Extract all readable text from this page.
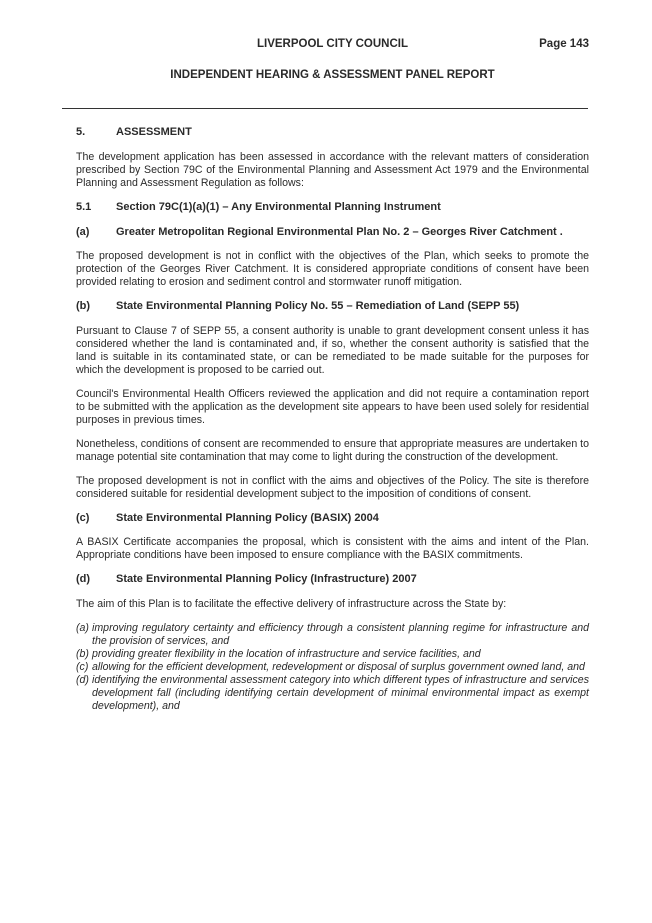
LIVERPOOL CITY COUNCIL	Page 143
INDEPENDENT HEARING & ASSESSMENT PANEL REPORT
5.	ASSESSMENT

The development application has been assessed in accordance with the relevant matters of consideration prescribed by Section 79C of the Environmental Planning and Assessment Act 1979 and the Environmental Planning and Assessment Regulation as follows:

5.1	Section 79C(1)(a)(1) – Any Environmental Planning Instrument
(a)	Greater Metropolitan Regional Environmental Plan No. 2 – Georges River Catchment .

The proposed development is not in conflict with the objectives of the Plan, which seeks to promote the protection of the Georges River Catchment. It is considered appropriate conditions of consent have been provided relating to erosion and sediment control and stormwater runoff mitigation.

(b)	State Environmental Planning Policy No. 55 – Remediation of Land (SEPP 55)

Pursuant to Clause 7 of SEPP 55, a consent authority is unable to grant development consent unless it has considered whether the land is contaminated and, if so, whether the consent authority is satisfied that the land is suitable in its contaminated state, or can be remediated to be made suitable for the purposes for which the development is proposed to be carried out.

Council's Environmental Health Officers reviewed the application and did not require a contamination report to be submitted with the application as the development site appears to have been used solely for residential purposes in previous times.

Nonetheless, conditions of consent are recommended to ensure that appropriate measures are undertaken to manage potential site contamination that may come to light during the construction of the development.

The proposed development is not in conflict with the aims and objectives of the Policy. The site is therefore considered suitable for residential development subject to the imposition of conditions of consent.

(c)	State Environmental Planning Policy (BASIX) 2004

A BASIX Certificate accompanies the proposal, which is consistent with the aims and intent of the Plan. Appropriate conditions have been imposed to ensure compliance with the BASIX commitments.

(d)	State Environmental Planning Policy (Infrastructure) 2007

The aim of this Plan is to facilitate the effective delivery of infrastructure across the State by:

(a) improving regulatory certainty and efficiency through a consistent planning regime for infrastructure and the provision of services, and
(b) providing greater flexibility in the location of infrastructure and service facilities, and
(c) allowing for the efficient development, redevelopment or disposal of surplus government owned land, and
(d) identifying the environmental assessment category into which different types of infrastructure and services development fall (including identifying certain development of minimal environmental impact as exempt development), and
